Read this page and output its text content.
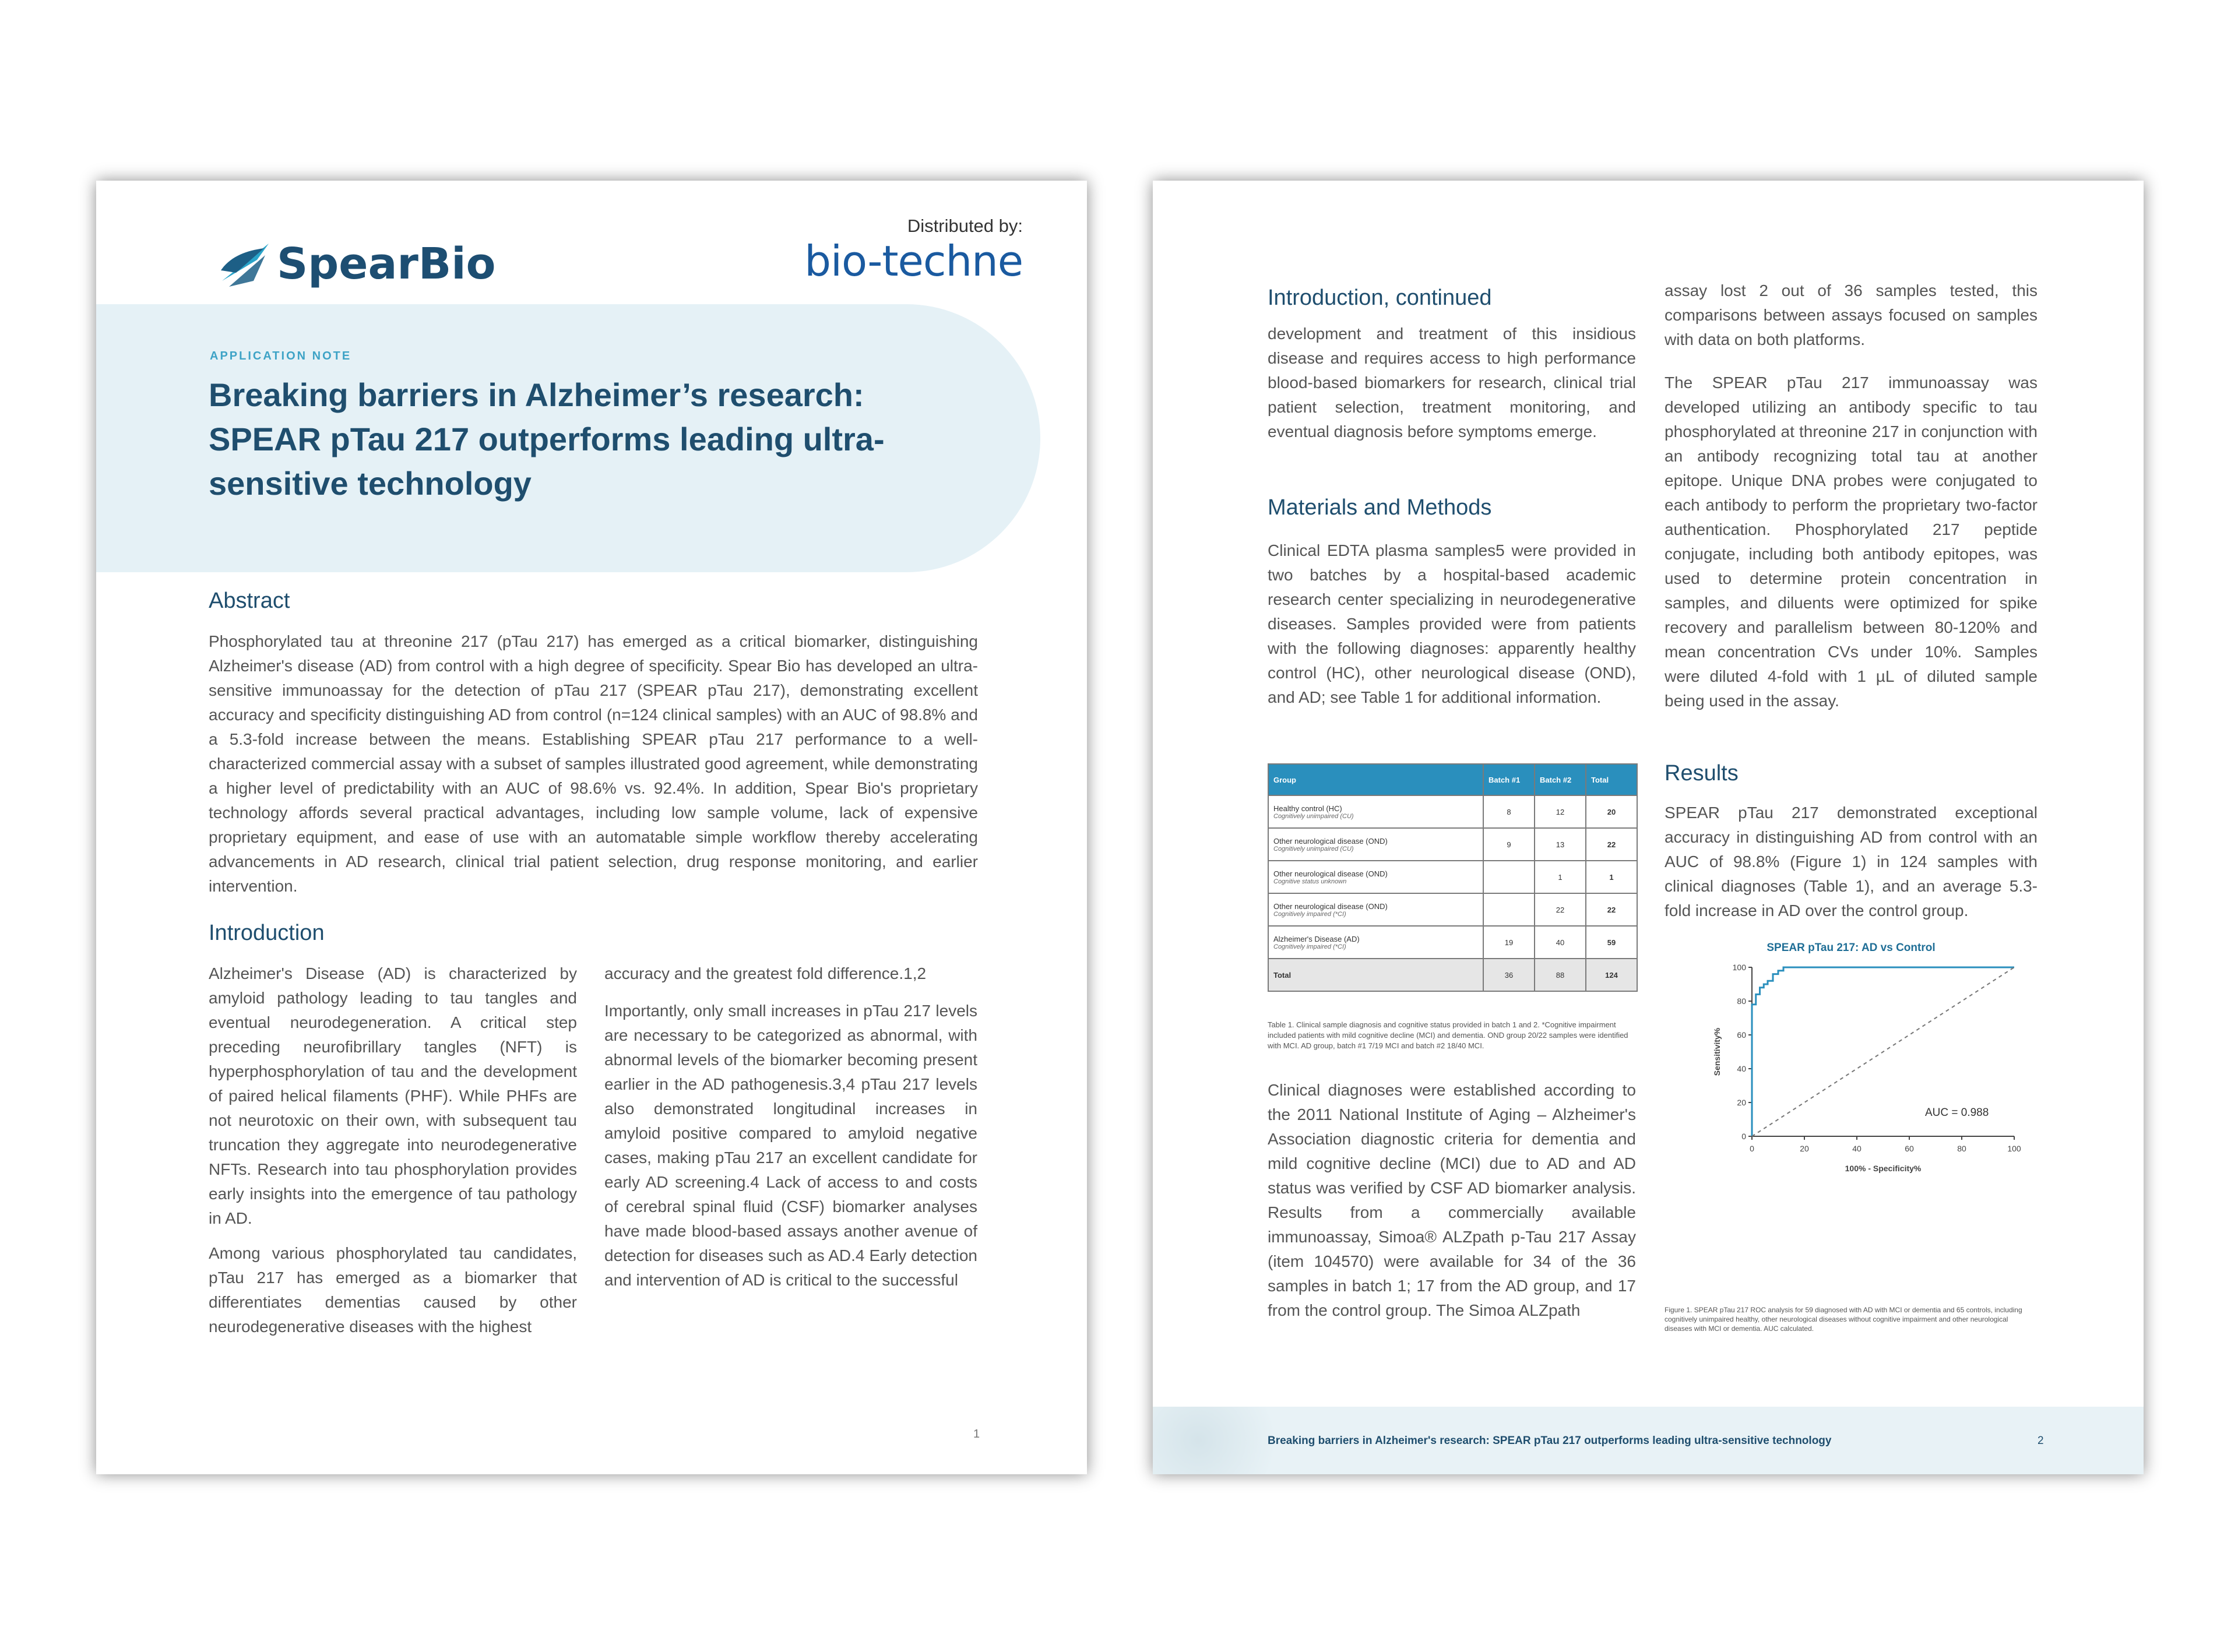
SpearBio
Distributed by:
bio-techne
APPLICATION NOTE
Breaking barriers in Alzheimer’s research: SPEAR pTau 217 outperforms leading ultra-sensitive technology
Abstract
Phosphorylated tau at threonine 217 (pTau 217) has emerged as a critical biomarker, distinguishing Alzheimer's disease (AD) from control with a high degree of specificity. Spear Bio has developed an ultra-sensitive immunoassay for the detection of pTau 217 (SPEAR pTau 217), demonstrating excellent accuracy and specificity distinguishing AD from control (n=124 clinical samples) with an AUC of 98.8% and a 5.3-fold increase between the means. Establishing SPEAR pTau 217 performance to a well-characterized commercial assay with a subset of samples illustrated good agreement, while demonstrating a higher level of predictability with an AUC of 98.6% vs. 92.4%. In addition, Spear Bio's proprietary technology affords several practical advantages, including low sample volume, lack of expensive proprietary equipment, and ease of use with an automatable simple workflow thereby accelerating advancements in AD research, clinical trial patient selection, drug response monitoring, and earlier intervention.
Introduction
Alzheimer's Disease (AD) is characterized by amyloid pathology leading to tau tangles and eventual neurodegeneration. A critical step preceding neurofibrillary tangles (NFT) is hyperphosphorylation of tau and the development of paired helical filaments (PHF). While PHFs are not neurotoxic on their own, with subsequent tau truncation they aggregate into neurodegenerative NFTs. Research into tau phosphorylation provides early insights into the emergence of tau pathology in AD.
Among various phosphorylated tau candidates, pTau 217 has emerged as a biomarker that differentiates dementias caused by other neurodegenerative diseases with the highest
accuracy and the greatest fold difference.1,2
Importantly, only small increases in pTau 217 levels are necessary to be categorized as abnormal, with abnormal levels of the biomarker becoming present earlier in the AD pathogenesis.3,4 pTau 217 levels also demonstrated longitudinal increases in amyloid positive compared to amyloid negative cases, making pTau 217 an excellent candidate for early AD screening.4 Lack of access to and costs of cerebral spinal fluid (CSF) biomarker analyses have made blood-based assays another avenue of detection for diseases such as AD.4 Early detection and intervention of AD is critical to the successful
1
Introduction, continued
development and treatment of this insidious disease and requires access to high performance blood-based biomarkers for research, clinical trial patient selection, treatment monitoring, and eventual diagnosis before symptoms emerge.
Materials and Methods
Clinical EDTA plasma samples5 were provided in two batches by a hospital-based academic research center specializing in neurodegenerative diseases. Samples provided were from patients with the following diagnoses: apparently healthy control (HC), other neurological disease (OND), and AD; see Table 1 for additional information.
Group	Batch #1	Batch #2	Total
Healthy control (HC)
Cognitively unimpaired (CU)	8	12	20
Other neurological disease (OND)
Cognitively unimpaired (CU)	9	13	22
Other neurological disease (OND)
Cognitive status unknown		1	1
Other neurological disease (OND)
Cognitively impaired (*CI)		22	22
Alzheimer's Disease (AD)
Cognitively impaired (*CI)	19	40	59
Total	36	88	124
Table 1. Clinical sample diagnosis and cognitive status provided in batch 1 and 2. *Cognitive impairment included patients with mild cognitive decline (MCI) and dementia. OND group 20/22 samples were identified with MCI. AD group, batch #1 7/19 MCI and batch #2 18/40 MCI.
Clinical diagnoses were established according to the 2011 National Institute of Aging – Alzheimer's Association diagnostic criteria for dementia and mild cognitive decline (MCI) due to AD and AD status was verified by CSF AD biomarker analysis. Results from a commercially available immunoassay, Simoa® ALZpath p-Tau 217 Assay (item 104570) were available for 34 of the 36 samples in batch 1; 17 from the AD group, and 17 from the control group. The Simoa ALZpath
assay lost 2 out of 36 samples tested, this comparisons between assays focused on samples with data on both platforms.
The SPEAR pTau 217 immunoassay was developed utilizing an antibody specific to tau phosphorylated at threonine 217 in conjunction with an antibody recognizing total tau at another epitope. Unique DNA probes were conjugated to each antibody to perform the proprietary two-factor authentication. Phosphorylated 217 peptide conjugate, including both antibody epitopes, was used to determine protein concentration in samples, and diluents were optimized for spike recovery and parallelism between 80-120% and mean concentration CVs under 10%. Samples were diluted 4-fold with 1 µL of diluted sample being used in the assay.
Results
SPEAR pTau 217 demonstrated exceptional accuracy in distinguishing AD from control with an AUC of 98.8% (Figure 1) in 124 samples with clinical diagnoses (Table 1), and an average 5.3-fold increase in AD over the control group.
SPEAR pTau 217: AD vs Control
0	20	40	60	80	100
0
20
40
60
80
100
AUC = 0.988
100% - Specificity%
Sensitivity%
Figure 1. SPEAR pTau 217 ROC analysis for 59 diagnosed with AD with MCI or dementia and 65 controls, including cognitively unimpaired healthy, other neurological diseases without cognitive impairment and other neurological diseases with MCI or dementia. AUC calculated.
Breaking barriers in Alzheimer's research: SPEAR pTau 217 outperforms leading ultra-sensitive technology	2
